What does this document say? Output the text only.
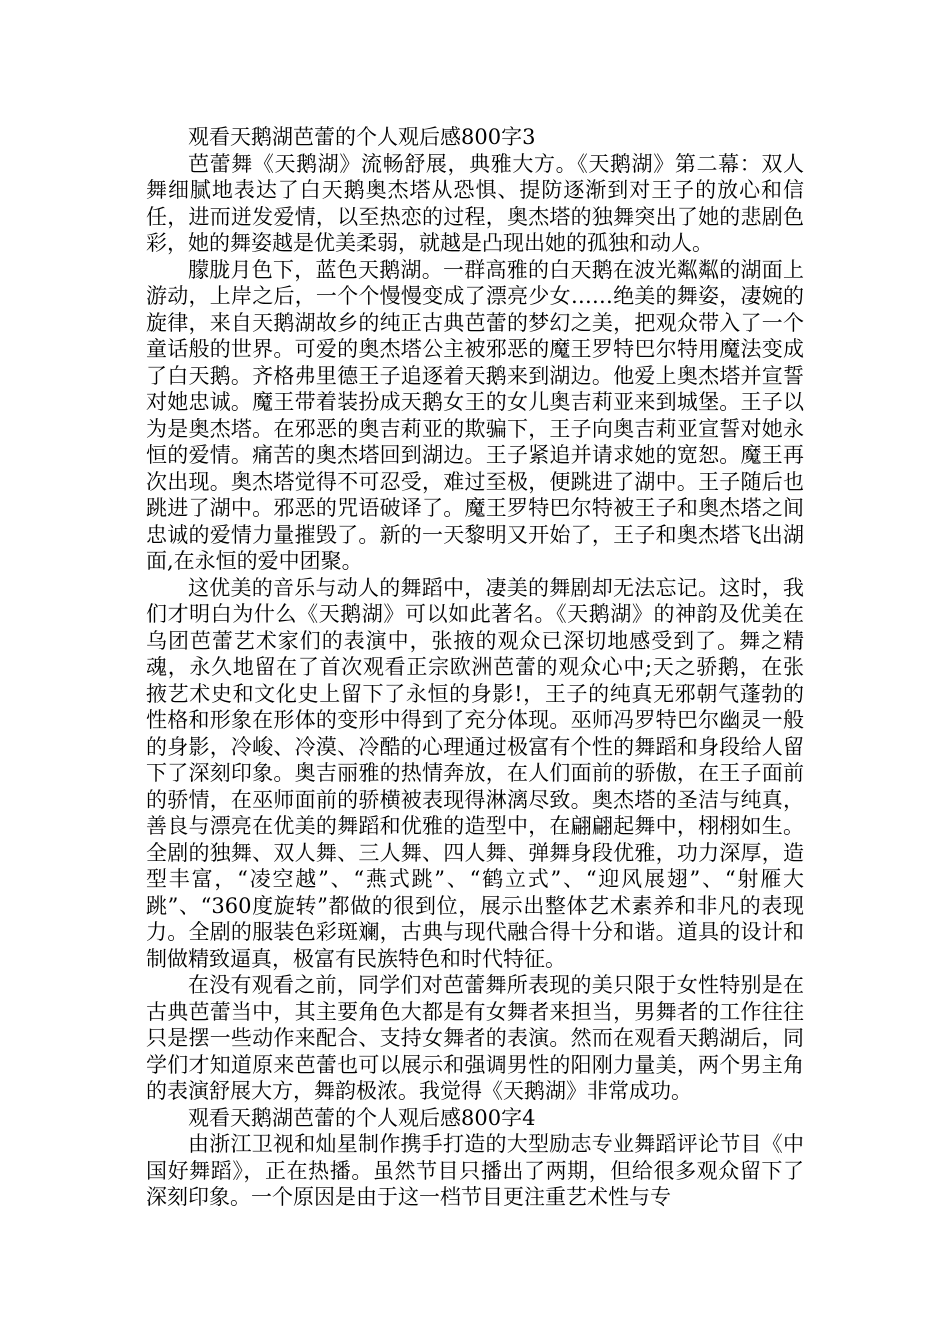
观看天鹅湖芭蕾的个人观后感800字3

芭蕾舞《天鹅湖》流畅舒展，典雅大方。《天鹅湖》第二幕：双人舞细腻地表达了白天鹅奥杰塔从恐惧、提防逐渐到对王子的放心和信任，进而迸发爱情，以至热恋的过程，奥杰塔的独舞突出了她的悲剧色彩，她的舞姿越是优美柔弱，就越是凸现出她的孤独和动人。

朦胧月色下，蓝色天鹅湖。一群高雅的白天鹅在波光粼粼的湖面上游动，上岸之后，一个个慢慢变成了漂亮少女……绝美的舞姿，凄婉的旋律，来自天鹅湖故乡的纯正古典芭蕾的梦幻之美，把观众带入了一个童话般的世界。可爱的奥杰塔公主被邪恶的魔王罗特巴尔特用魔法变成了白天鹅。齐格弗里德王子追逐着天鹅来到湖边。他爱上奥杰塔并宣誓对她忠诚。魔王带着装扮成天鹅女王的女儿奥吉莉亚来到城堡。王子以为是奥杰塔。在邪恶的奥吉莉亚的欺骗下，王子向奥吉莉亚宣誓对她永恒的爱情。痛苦的奥杰塔回到湖边。王子紧追并请求她的宽恕。魔王再次出现。奥杰塔觉得不可忍受，难过至极，便跳进了湖中。王子随后也跳进了湖中。邪恶的咒语破译了。魔王罗特巴尔特被王子和奥杰塔之间忠诚的爱情力量摧毁了。新的一天黎明又开始了，王子和奥杰塔飞出湖面,在永恒的爱中团聚。

这优美的音乐与动人的舞蹈中，凄美的舞剧却无法忘记。这时，我们才明白为什么《天鹅湖》可以如此著名。《天鹅湖》的神韵及优美在乌团芭蕾艺术家们的表演中，张掖的观众已深切地感受到了。舞之精魂，永久地留在了首次观看正宗欧洲芭蕾的观众心中;天之骄鹅，在张掖艺术史和文化史上留下了永恒的身影!，王子的纯真无邪朝气蓬勃的性格和形象在形体的变形中得到了充分体现。巫师冯罗特巴尔幽灵一般的身影，冷峻、冷漠、冷酷的心理通过极富有个性的舞蹈和身段给人留下了深刻印象。奥吉丽雅的热情奔放，在人们面前的骄傲，在王子面前的骄情，在巫师面前的骄横被表现得淋漓尽致。奥杰塔的圣洁与纯真，善良与漂亮在优美的舞蹈和优雅的造型中，在翩翩起舞中，栩栩如生。全剧的独舞、双人舞、三人舞、四人舞、弹舞身段优雅，功力深厚，造型丰富，“凌空越”、“燕式跳”、“鹤立式”、“迎风展翅”、“射雁大跳”、“360度旋转”都做的很到位，展示出整体艺术素养和非凡的表现力。全剧的服装色彩斑斓，古典与现代融合得十分和谐。道具的设计和制做精致逼真，极富有民族特色和时代特征。

在没有观看之前，同学们对芭蕾舞所表现的美只限于女性特别是在古典芭蕾当中，其主要角色大都是有女舞者来担当，男舞者的工作往往只是摆一些动作来配合、支持女舞者的表演。然而在观看天鹅湖后，同学们才知道原来芭蕾也可以展示和强调男性的阳刚力量美，两个男主角的表演舒展大方，舞韵极浓。我觉得《天鹅湖》非常成功。

观看天鹅湖芭蕾的个人观后感800字4

由浙江卫视和灿星制作携手打造的大型励志专业舞蹈评论节目《中国好舞蹈》，正在热播。虽然节目只播出了两期，但给很多观众留下了深刻印象。一个原因是由于这一档节目更注重艺术性与专
